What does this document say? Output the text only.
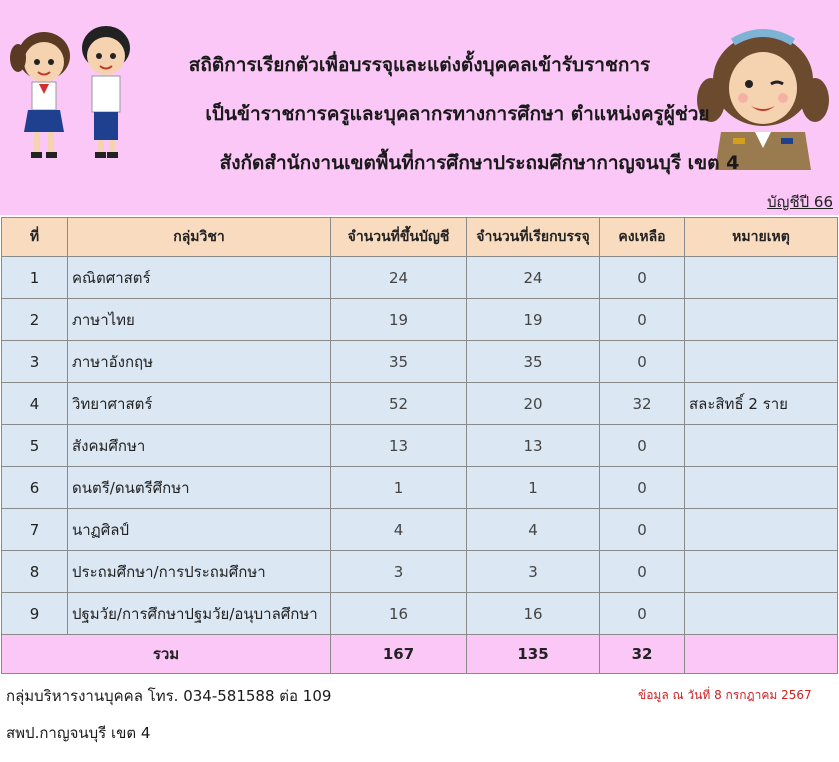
สถิติการเรียกตัวเพื่อบรรจุและแต่งตั้งบุคคลเข้ารับราชการ
เป็นข้าราชการครูและบุคลากรทางการศึกษา ตำแหน่งครูผู้ช่วย
สังกัดสำนักงานเขตพื้นที่การศึกษาประถมศึกษากาญจนบุรี เขต 4
บัญชีปี 66
ที่	กลุ่มวิชา	จำนวนที่ขึ้นบัญชี	จำนวนที่เรียกบรรจุ	คงเหลือ	หมายเหตุ
1	คณิตศาสตร์	24	24	0	
2	ภาษาไทย	19	19	0	
3	ภาษาอังกฤษ	35	35	0	
4	วิทยาศาสตร์	52	20	32	สละสิทธิ์ 2 ราย
5	สังคมศึกษา	13	13	0	
6	ดนตรี/ดนตรีศึกษา	1	1	0	
7	นาฏศิลป์	4	4	0	
8	ประถมศึกษา/การประถมศึกษา	3	3	0	
9	ปฐมวัย/การศึกษาปฐมวัย/อนุบาลศึกษา	16	16	0	
รวม		167	135	32	
กลุ่มบริหารงานบุคคล โทร. 034-581588 ต่อ 109	ข้อมูล ณ วันที่ 8 กรกฎาคม 2567
สพป.กาญจนบุรี เขต 4
